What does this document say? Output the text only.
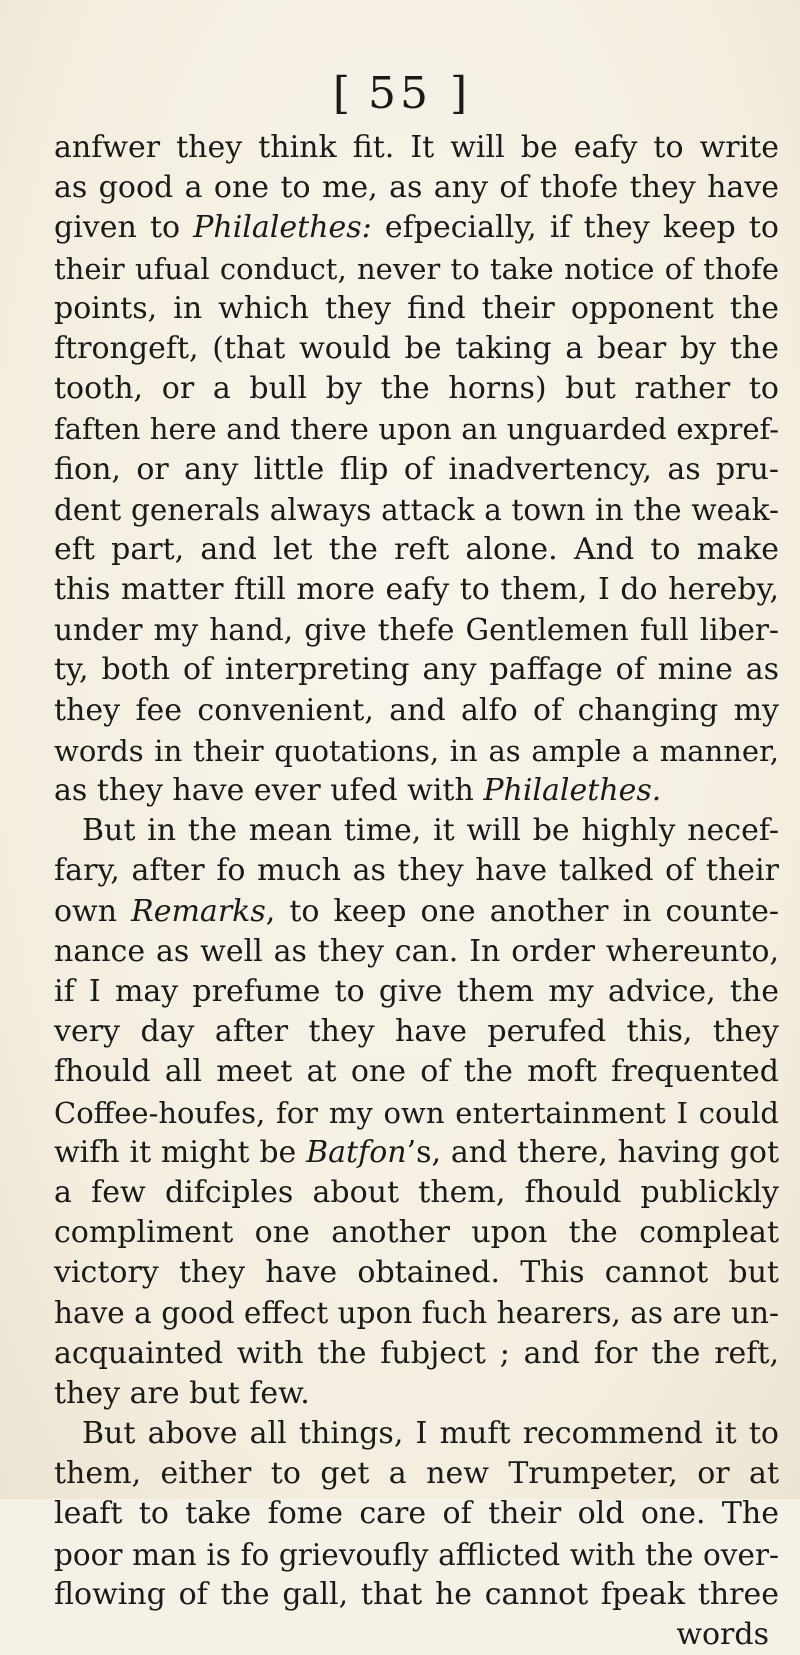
[ 55 ]
anfwer they think fit. It will be eafy to write
as good a one to me, as any of thofe they have
given to Philalethes: efpecially, if they keep to
their ufual conduct, never to take notice of thofe
points, in which they find their opponent the
ftrongeft, (that would be taking a bear by the
tooth, or a bull by the horns) but rather to
faften here and there upon an unguarded expref-
fion, or any little flip of inadvertency, as pru-
dent generals always attack a town in the weak-
eft part, and let the reft alone. And to make
this matter ftill more eafy to them, I do hereby,
under my hand, give thefe Gentlemen full liber-
ty, both of interpreting any paffage of mine as
they fee convenient, and alfo of changing my
words in their quotations, in as ample a manner,
as they have ever ufed with Philalethes.
But in the mean time, it will be highly necef-
fary, after fo much as they have talked of their
own Remarks, to keep one another in counte-
nance as well as they can. In order whereunto,
if I may prefume to give them my advice, the
very day after they have perufed this, they
fhould all meet at one of the moft frequented
Coffee-houfes, for my own entertainment I could
wifh it might be Batfon’s, and there, having got
a few difciples about them, fhould publickly
compliment one another upon the compleat
victory they have obtained. This cannot but
have a good effect upon fuch hearers, as are un-
acquainted with the fubject ; and for the reft,
they are but few.
But above all things, I muft recommend it to
them, either to get a new Trumpeter, or at
leaft to take fome care of their old one. The
poor man is fo grievoufly afflicted with the over-
flowing of the gall, that he cannot fpeak three
words
